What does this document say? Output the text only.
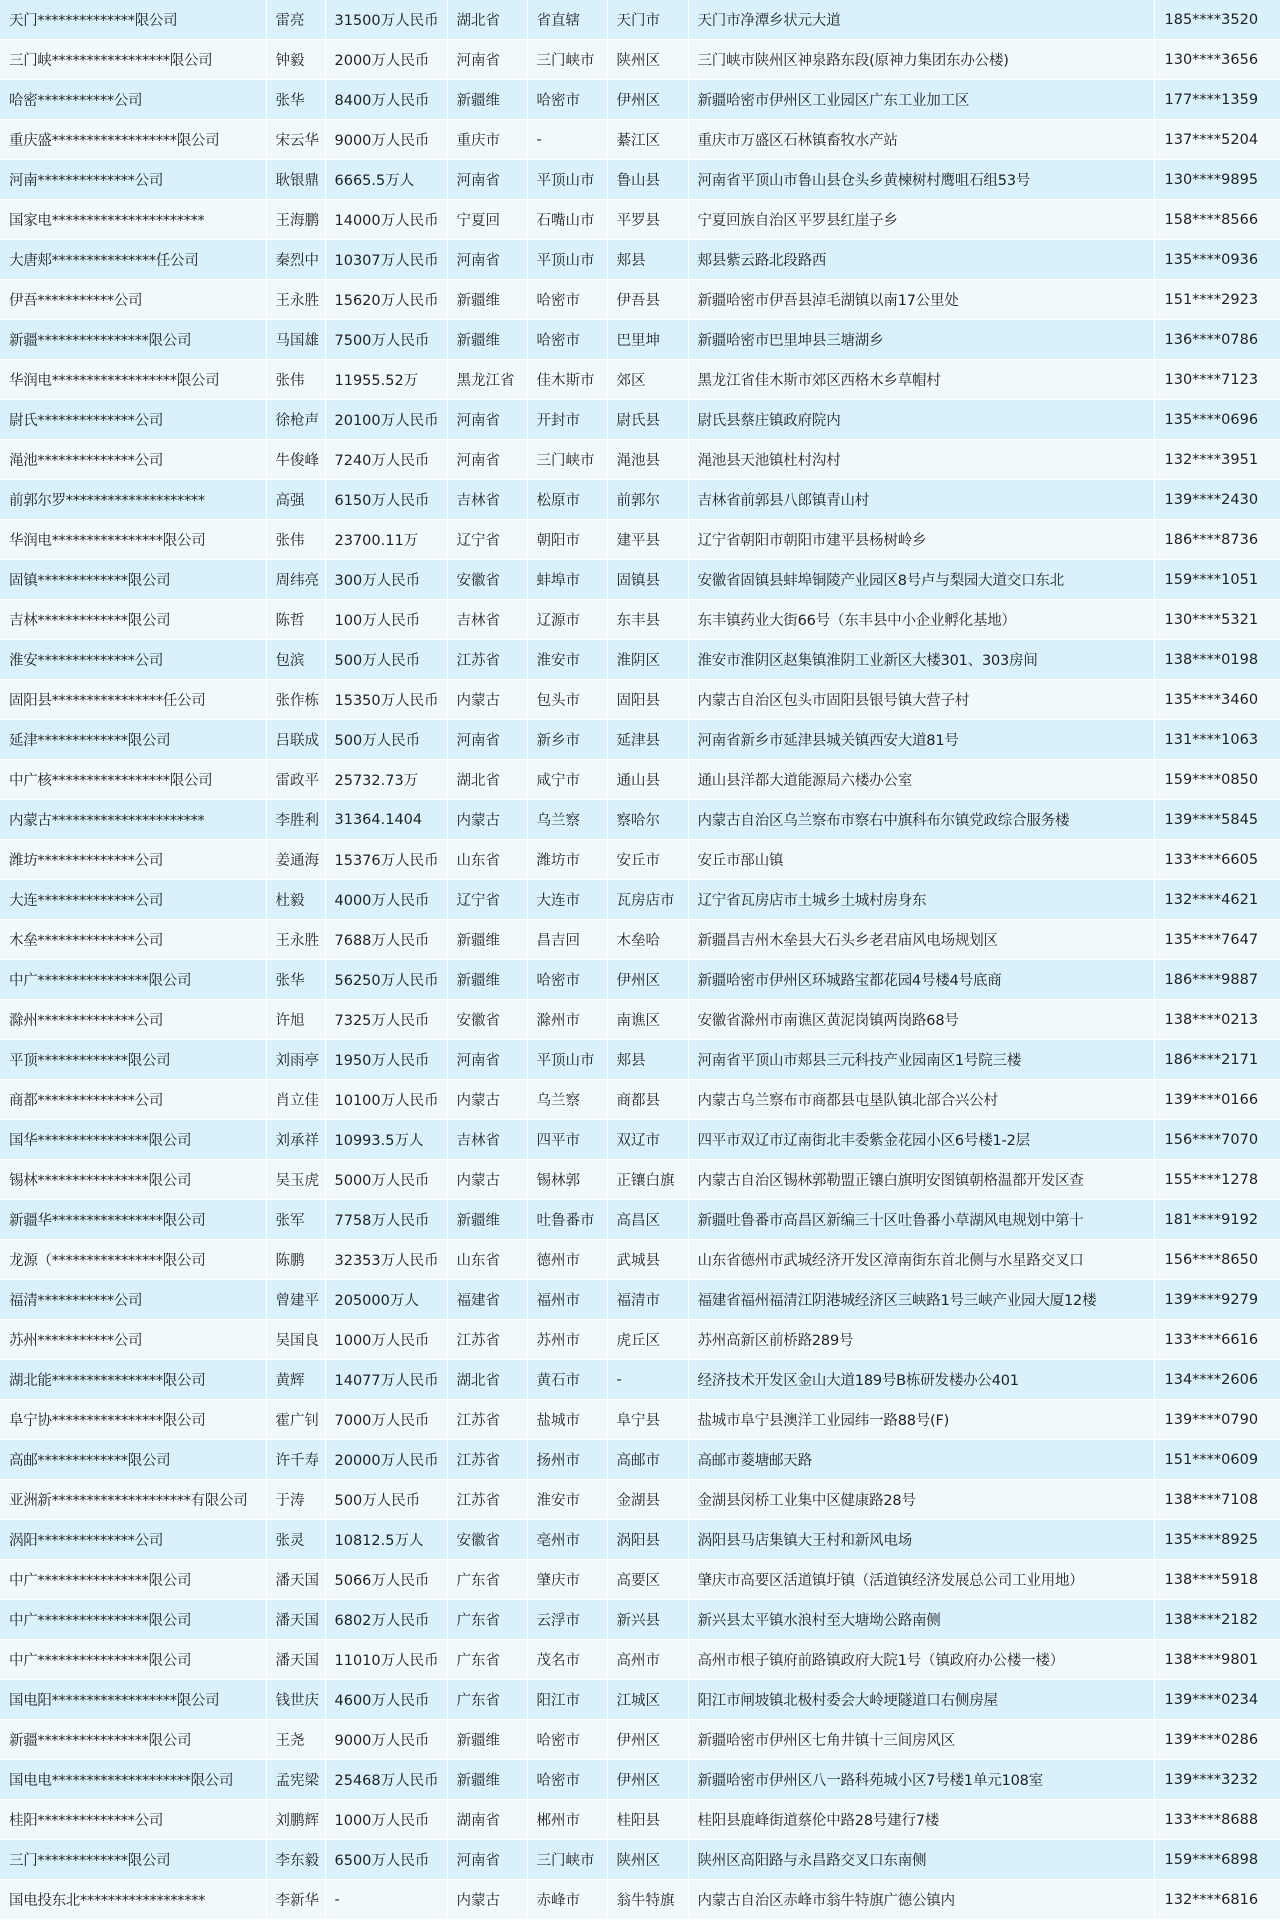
天门**************限公司	雷亮	31500万人民币	湖北省	省直辖	天门市	天门市净潭乡状元大道	185****3520
三门峡*****************限公司	钟毅	2000万人民币	河南省	三门峡市	陕州区	三门峡市陕州区神泉路东段(原神力集团东办公楼)	130****3656
哈密***********公司	张华	8400万人民币	新疆维	哈密市	伊州区	新疆哈密市伊州区工业园区广东工业加工区	177****1359
重庆盛******************限公司	宋云华	9000万人民币	重庆市	-	綦江区	重庆市万盛区石林镇畜牧水产站	137****5204
河南**************公司	耿银鼎	6665.5万人	河南省	平顶山市	鲁山县	河南省平顶山市鲁山县仓头乡黄楝树村鹰咀石组53号	130****9895
国家电**********************	王海鹏	14000万人民币	宁夏回	石嘴山市	平罗县	宁夏回族自治区平罗县红崖子乡	158****8566
大唐郏***************任公司	秦烈中	10307万人民币	河南省	平顶山市	郏县	郏县紫云路北段路西	135****0936
伊吾***********公司	王永胜	15620万人民币	新疆维	哈密市	伊吾县	新疆哈密市伊吾县淖毛湖镇以南17公里处	151****2923
新疆****************限公司	马国雄	7500万人民币	新疆维	哈密市	巴里坤	新疆哈密市巴里坤县三塘湖乡	136****0786
华润电******************限公司	张伟	11955.52万	黑龙江省	佳木斯市	郊区	黑龙江省佳木斯市郊区西格木乡草帽村	130****7123
尉氏**************公司	徐枪声	20100万人民币	河南省	开封市	尉氏县	尉氏县蔡庄镇政府院内	135****0696
渑池**************公司	牛俊峰	7240万人民币	河南省	三门峡市	渑池县	渑池县天池镇杜村沟村	132****3951
前郭尔罗********************	高强	6150万人民币	吉林省	松原市	前郭尔	吉林省前郭县八郎镇青山村	139****2430
华润电****************限公司	张伟	23700.11万	辽宁省	朝阳市	建平县	辽宁省朝阳市朝阳市建平县杨树岭乡	186****8736
固镇*************限公司	周纬亮	300万人民币	安徽省	蚌埠市	固镇县	安徽省固镇县蚌埠铜陵产业园区8号卢与梨园大道交口东北	159****1051
吉林*************限公司	陈哲	100万人民币	吉林省	辽源市	东丰县	东丰镇药业大街66号（东丰县中小企业孵化基地）	130****5321
淮安**************公司	包滨	500万人民币	江苏省	淮安市	淮阴区	淮安市淮阴区赵集镇淮阴工业新区大楼301、303房间	138****0198
固阳县****************任公司	张作栋	15350万人民币	内蒙古	包头市	固阳县	内蒙古自治区包头市固阳县银号镇大营子村	135****3460
延津*************限公司	吕联成	500万人民币	河南省	新乡市	延津县	河南省新乡市延津县城关镇西安大道81号	131****1063
中广核*****************限公司	雷政平	25732.73万	湖北省	咸宁市	通山县	通山县洋都大道能源局六楼办公室	159****0850
内蒙古**********************	李胜利	31364.1404	内蒙古	乌兰察	察哈尔	内蒙古自治区乌兰察布市察右中旗科布尔镇党政综合服务楼	139****5845
潍坊**************公司	姜通海	15376万人民币	山东省	潍坊市	安丘市	安丘市郚山镇	133****6605
大连**************公司	杜毅	4000万人民币	辽宁省	大连市	瓦房店市	辽宁省瓦房店市土城乡土城村房身东	132****4621
木垒**************公司	王永胜	7688万人民币	新疆维	昌吉回	木垒哈	新疆昌吉州木垒县大石头乡老君庙风电场规划区	135****7647
中广****************限公司	张华	56250万人民币	新疆维	哈密市	伊州区	新疆哈密市伊州区环城路宝都花园4号楼4号底商	186****9887
滁州**************公司	许旭	7325万人民币	安徽省	滁州市	南谯区	安徽省滁州市南谯区黄泥岗镇两岗路68号	138****0213
平顶*************限公司	刘雨亭	1950万人民币	河南省	平顶山市	郏县	河南省平顶山市郏县三元科技产业园南区1号院三楼	186****2171
商都**************公司	肖立佳	10100万人民币	内蒙古	乌兰察	商都县	内蒙古乌兰察布市商都县屯垦队镇北部合兴公村	139****0166
国华****************限公司	刘承祥	10993.5万人	吉林省	四平市	双辽市	四平市双辽市辽南街北丰委紫金花园小区6号楼1-2层	156****7070
锡林****************限公司	吴玉虎	5000万人民币	内蒙古	锡林郭	正镶白旗	内蒙古自治区锡林郭勒盟正镶白旗明安图镇朝格温都开发区查	155****1278
新疆华****************限公司	张军	7758万人民币	新疆维	吐鲁番市	高昌区	新疆吐鲁番市高昌区新编三十区吐鲁番小草湖风电规划中第十	181****9192
龙源（****************限公司	陈鹏	32353万人民币	山东省	德州市	武城县	山东省德州市武城经济开发区漳南街东首北侧与水星路交叉口	156****8650
福清***********公司	曾建平	205000万人	福建省	福州市	福清市	福建省福州福清江阴港城经济区三峡路1号三峡产业园大厦12楼	139****9279
苏州***********公司	吴国良	1000万人民币	江苏省	苏州市	虎丘区	苏州高新区前桥路289号	133****6616
湖北能****************限公司	黄辉	14077万人民币	湖北省	黄石市	-	经济技术开发区金山大道189号B栋研发楼办公401	134****2606
阜宁协****************限公司	霍广钊	7000万人民币	江苏省	盐城市	阜宁县	盐城市阜宁县澳洋工业园纬一路88号(F)	139****0790
高邮*************限公司	许千寿	20000万人民币	江苏省	扬州市	高邮市	高邮市菱塘邮天路	151****0609
亚洲新********************有限公司	于涛	500万人民币	江苏省	淮安市	金湖县	金湖县闵桥工业集中区健康路28号	138****7108
涡阳**************公司	张灵	10812.5万人	安徽省	亳州市	涡阳县	涡阳县马店集镇大王村和新风电场	135****8925
中广****************限公司	潘天国	5066万人民币	广东省	肇庆市	高要区	肇庆市高要区活道镇圩镇（活道镇经济发展总公司工业用地）	138****5918
中广****************限公司	潘天国	6802万人民币	广东省	云浮市	新兴县	新兴县太平镇水浪村至大塘坳公路南侧	138****2182
中广****************限公司	潘天国	11010万人民币	广东省	茂名市	高州市	高州市根子镇府前路镇政府大院1号（镇政府办公楼一楼）	138****9801
国电阳******************限公司	钱世庆	4600万人民币	广东省	阳江市	江城区	阳江市闸坡镇北极村委会大岭埂隧道口右侧房屋	139****0234
新疆****************限公司	王尧	9000万人民币	新疆维	哈密市	伊州区	新疆哈密市伊州区七角井镇十三间房风区	139****0286
国电电********************限公司	孟宪梁	25468万人民币	新疆维	哈密市	伊州区	新疆哈密市伊州区八一路科苑城小区7号楼1单元108室	139****3232
桂阳**************公司	刘鹏辉	1000万人民币	湖南省	郴州市	桂阳县	桂阳县鹿峰街道蔡伦中路28号建行7楼	133****8688
三门*************限公司	李东毅	6500万人民币	河南省	三门峡市	陕州区	陕州区高阳路与永昌路交叉口东南侧	159****6898
国电投东北******************	李新华	-	内蒙古	赤峰市	翁牛特旗	内蒙古自治区赤峰市翁牛特旗广德公镇内	132****6816
